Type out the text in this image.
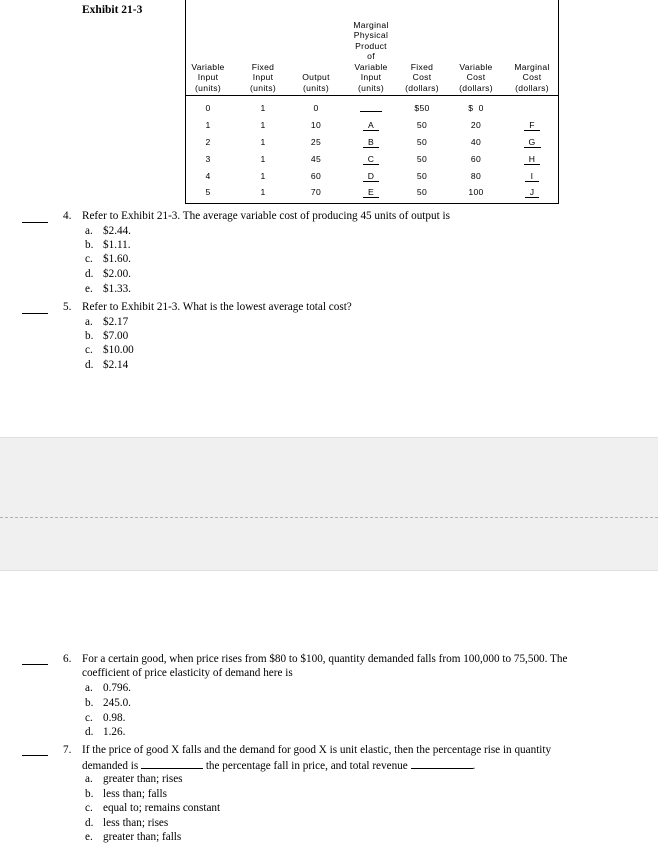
Exhibit 21-3
Variable
Input
(units)
0
1
2
3
4
5
Fixed
Input
(units)
1
1
1
1
1
1
Output
(units)
0
10
25
45
60
70
Marginal
Physical
Product
of
Variable
Input
(units)
A
B
C
D
E
Fixed
Cost
(dollars)
$50
50
50
50
50
50
Variable
Cost
(dollars)
$  0
20
40
60
80
100
Marginal
Cost
(dollars)
F
G
H
I
J
4. Refer to Exhibit 21-3. The average variable cost of producing 45 units of output is
a. $2.44.
b. $1.11.
c. $1.60.
d. $2.00.
e. $1.33.
5. Refer to Exhibit 21-3. What is the lowest average total cost?
a. $2.17
b. $7.00
c. $10.00
d. $2.14
6. For a certain good, when price rises from $80 to $100, quantity demanded falls from 100,000 to 75,500. The
coefficient of price elasticity of demand here is
a. 0.796.
b. 245.0.
c. 0.98.
d. 1.26.
7. If the price of good X falls and the demand for good X is unit elastic, then the percentage rise in quantity
demanded is	the percentage fall in price, and total revenue	.
a. greater than; rises
b. less than; falls
c. equal to; remains constant
d. less than; rises
e. greater than; falls
